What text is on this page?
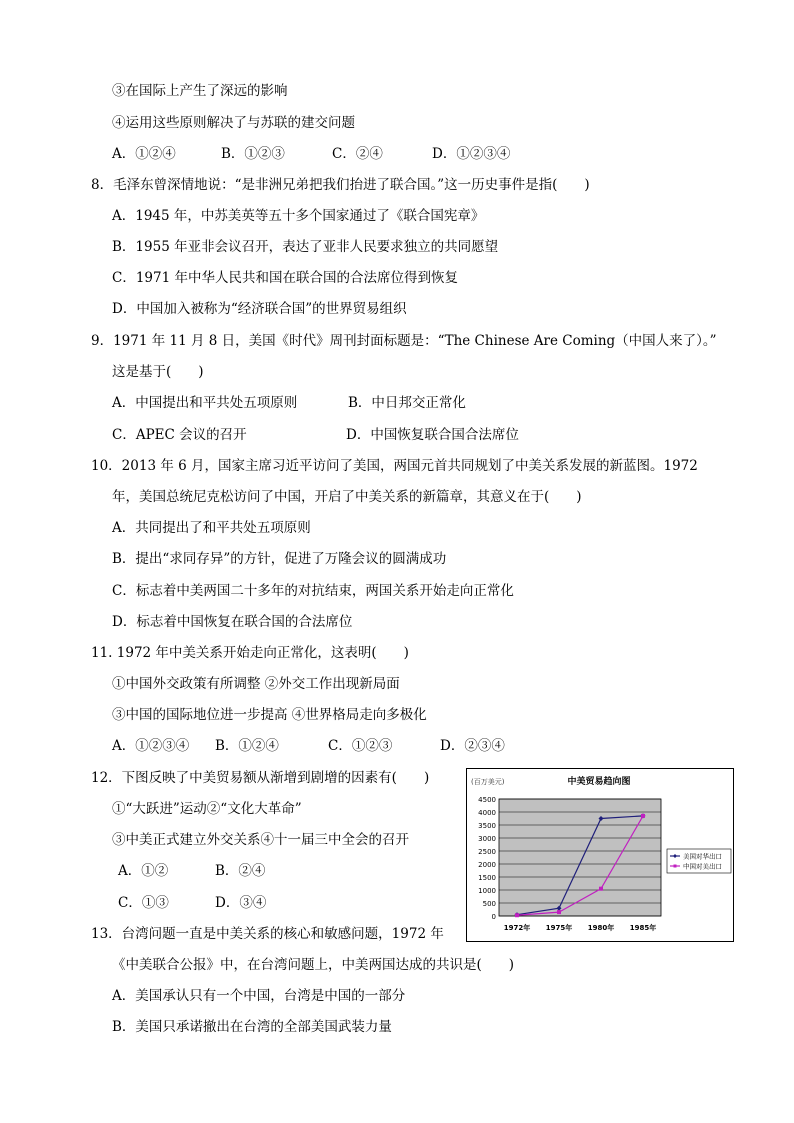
③在国际上产生了深远的影响
④运用这些原则解决了与苏联的建交问题
A．①②④	B．①②③	C．②④	D．①②③④
8．毛泽东曾深情地说：“是非洲兄弟把我们抬进了联合国。”这一历史事件是指(　　)
A．1945 年，中苏美英等五十多个国家通过了《联合国宪章》
B．1955 年亚非会议召开，表达了亚非人民要求独立的共同愿望
C．1971 年中华人民共和国在联合国的合法席位得到恢复
D．中国加入被称为“经济联合国”的世界贸易组织
9．1971 年 11 月 8 日，美国《时代》周刊封面标题是：“The Chinese Are Coming（中国人来了）。”
这是基于(　　)
A．中国提出和平共处五项原则	B．中日邦交正常化
C．APEC 会议的召开	D．中国恢复联合国合法席位
10．2013 年 6 月，国家主席习近平访问了美国，两国元首共同规划了中美关系发展的新蓝图。1972
年，美国总统尼克松访问了中国，开启了中美关系的新篇章，其意义在于(　　)
A．共同提出了和平共处五项原则
B．提出“求同存异”的方针，促进了万隆会议的圆满成功
C．标志着中美两国二十多年的对抗结束，两国关系开始走向正常化
D．标志着中国恢复在联合国的合法席位
11. 1972 年中美关系开始走向正常化，这表明(　　)
①中国外交政策有所调整 ②外交工作出现新局面
③中国的国际地位进一步提高 ④世界格局走向多极化
A．①②③④ B．①②④	C．①②③	D．②③④
12．下图反映了中美贸易额从渐增到剧增的因素有(　　)
①“大跃进”运动②“文化大革命”
③中美正式建立外交关系④十一届三中全会的召开
A．①②	B．②④
C．①③	D．③④
13．台湾问题一直是中美关系的核心和敏感问题，1972 年
《中美联合公报》中，在台湾问题上，中美两国达成的共识是(　　)
A．美国承认只有一个中国，台湾是中国的一部分
B．美国只承诺撤出在台湾的全部美国武装力量
中美贸易趋向图
(百万美元)
4500
4000
3500
3000
2500
2000
1500
1000
500
0
1972年 1975年 1980年 1985年
美国对华出口
中国对美出口
